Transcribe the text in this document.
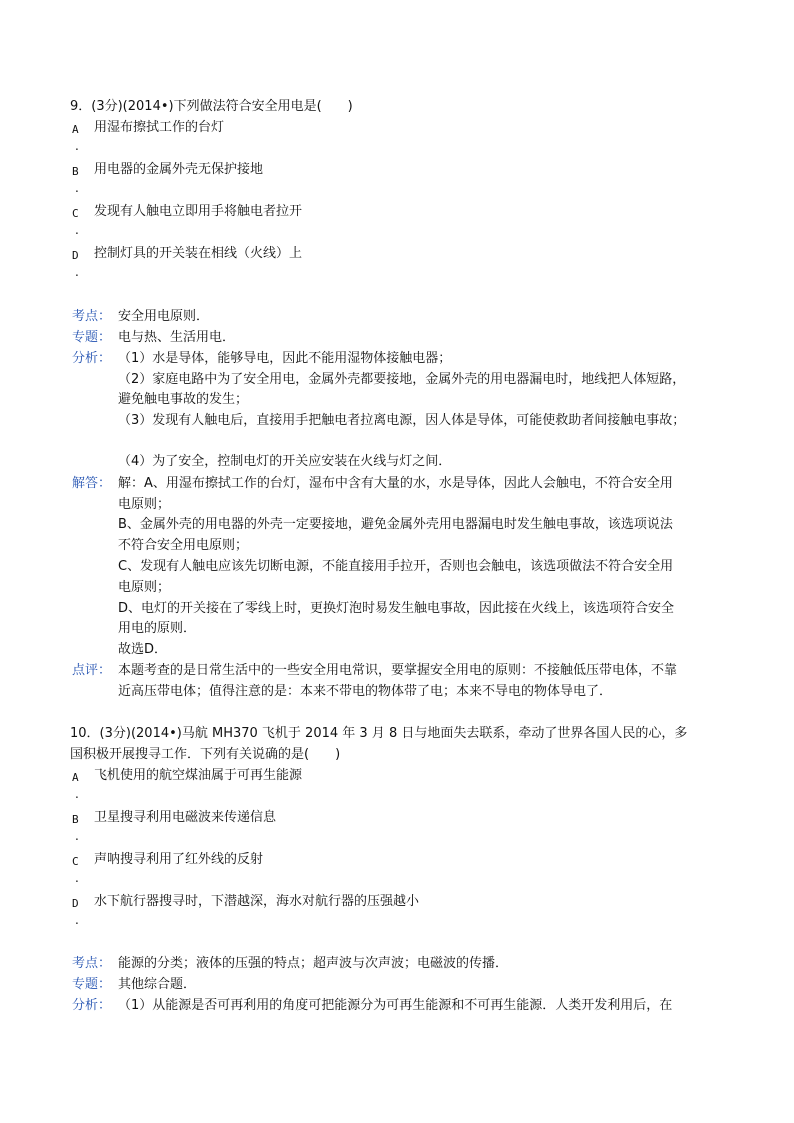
9．(3分)(2014•)下列做法符合安全用电是(　　)
A 用湿布擦拭工作的台灯
.
B 用电器的金属外壳无保护接地
.
C 发现有人触电立即用手将触电者拉开
.
D 控制灯具的开关装在相线（火线）上
.
考点： 安全用电原则．
专题： 电与热、生活用电．
分析： （1）水是导体，能够导电，因此不能用湿物体接触电器；
（2）家庭电路中为了安全用电，金属外壳都要接地，金属外壳的用电器漏电时，地线把人体短路，
避免触电事故的发生；
（3）发现有人触电后，直接用手把触电者拉离电源，因人体是导体，可能使救助者间接触电事故；
（4）为了安全，控制电灯的开关应安装在火线与灯之间．
解答： 解：A、用湿布擦拭工作的台灯，湿布中含有大量的水，水是导体，因此人会触电，不符合安全用
电原则；
B、金属外壳的用电器的外壳一定要接地，避免金属外壳用电器漏电时发生触电事故，该选项说法
不符合安全用电原则；
C、发现有人触电应该先切断电源，不能直接用手拉开，否则也会触电，该选项做法不符合安全用
电原则；
D、电灯的开关接在了零线上时，更换灯泡时易发生触电事故，因此接在火线上，该选项符合安全
用电的原则．
故选D．
点评： 本题考查的是日常生活中的一些安全用电常识，要掌握安全用电的原则：不接触低压带电体，不靠
近高压带电体；值得注意的是：本来不带电的物体带了电；本来不导电的物体导电了．
10．(3分)(2014•)马航 MH370 飞机于 2014 年 3 月 8 日与地面失去联系，牵动了世界各国人民的心，多
国积极开展搜寻工作．下列有关说确的是(　　)
A 飞机使用的航空煤油属于可再生能源
.
B 卫星搜寻利用电磁波来传递信息
.
C 声呐搜寻利用了红外线的反射
.
D 水下航行器搜寻时，下潜越深，海水对航行器的压强越小
.
考点： 能源的分类；液体的压强的特点；超声波与次声波；电磁波的传播．
专题： 其他综合题．
分析： （1）从能源是否可再利用的角度可把能源分为可再生能源和不可再生能源．人类开发利用后，在
